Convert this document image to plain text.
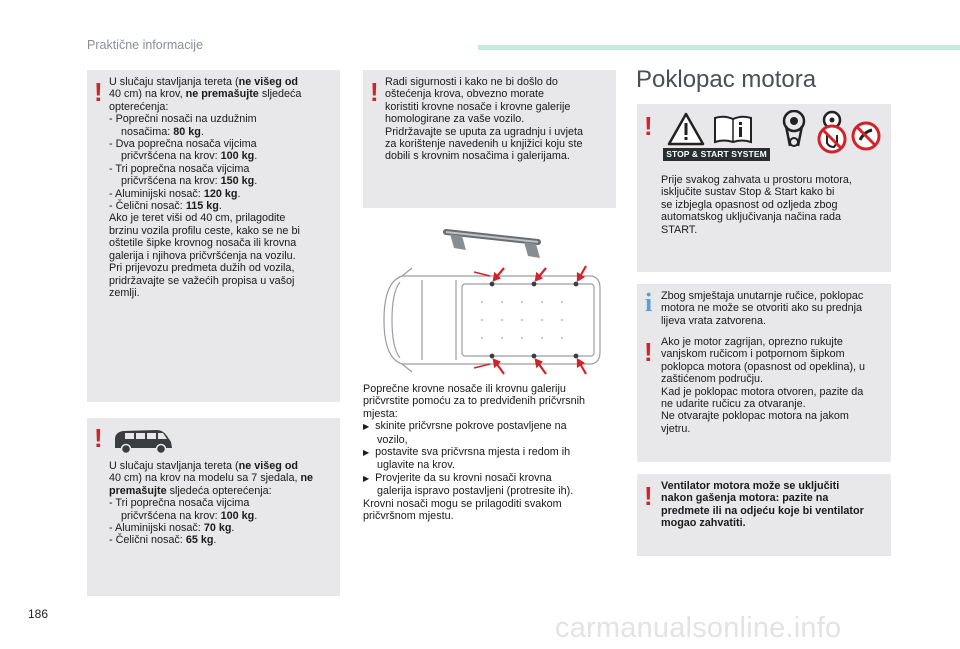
Praktične informacije
! U slučaju stavljanja tereta (ne višeg od
40 cm) na krov, ne premašujte sljedeća
opterećenja:
- Poprečni nosači na uzdužnim
nosačima: 80 kg.
- Dva poprečna nosača vijcima
pričvršćena na krov: 100 kg.
- Tri poprečna nosača vijcima
pričvršćena na krov: 150 kg.
- Aluminijski nosač: 120 kg.
- Čelični nosač: 115 kg.
Ako je teret viši od 40 cm, prilagodite
brzinu vozila profilu ceste, kako se ne bi
oštetile šipke krovnog nosača ili krovna
galerija i njihova pričvršćenja na vozilu.
Pri prijevozu predmeta dužih od vozila,
pridržavajte se važećih propisa u vašoj
zemlji.
!
U slučaju stavljanja tereta (ne višeg od
40 cm) na krov na modelu sa 7 sjedala, ne
premašujte sljedeća opterećenja:
- Tri poprečna nosača vijcima
pričvršćena na krov: 100 kg.
- Aluminijski nosač: 70 kg.
- Čelični nosač: 65 kg.
! Radi sigurnosti i kako ne bi došlo do
oštećenja krova, obvezno morate
koristiti krovne nosače i krovne galerije
homologirane za vaše vozilo.
Pridržavajte se uputa za ugradnju i uvjeta
za korištenje navedenih u knjižici koju ste
dobili s krovnim nosačima i galerijama.
Poprečne krovne nosače ili krovnu galeriju
pričvrstite pomoću za to predviđenih pričvrsnih
mjesta:
▶ skinite pričvrsne pokrove postavljene na
vozilo,
▶ postavite sva pričvrsna mjesta i redom ih
uglavite na krov.
▶ Provjerite da su krovni nosači krovna
galerija ispravo postavljeni (protresite ih).
Krovni nosači mogu se prilagoditi svakom
pričvršnom mjestu.
Poklopac motora
!
STOP & START SYSTEM
Prije svakog zahvata u prostoru motora,
isključite sustav Stop & Start kako bi
se izbjegla opasnost od ozljeda zbog
automatskog uključivanja načina rada
START.
i Zbog smještaja unutarnje ručice, poklopac
motora ne može se otvoriti ako su prednja
lijeva vrata zatvorena.
! Ako je motor zagrijan, oprezno rukujte
vanjskom ručicom i potpornom šipkom
poklopca motora (opasnost od opeklina), u
zaštićenom području.
Kad je poklopac motora otvoren, pazite da
ne udarite ručicu za otvaranje.
Ne otvarajte poklopac motora na jakom
vjetru.
! Ventilator motora može se uključiti
nakon gašenja motora: pazite na
predmete ili na odjeću koje bi ventilator
mogao zahvatiti.
186	carmanualsonline.info
